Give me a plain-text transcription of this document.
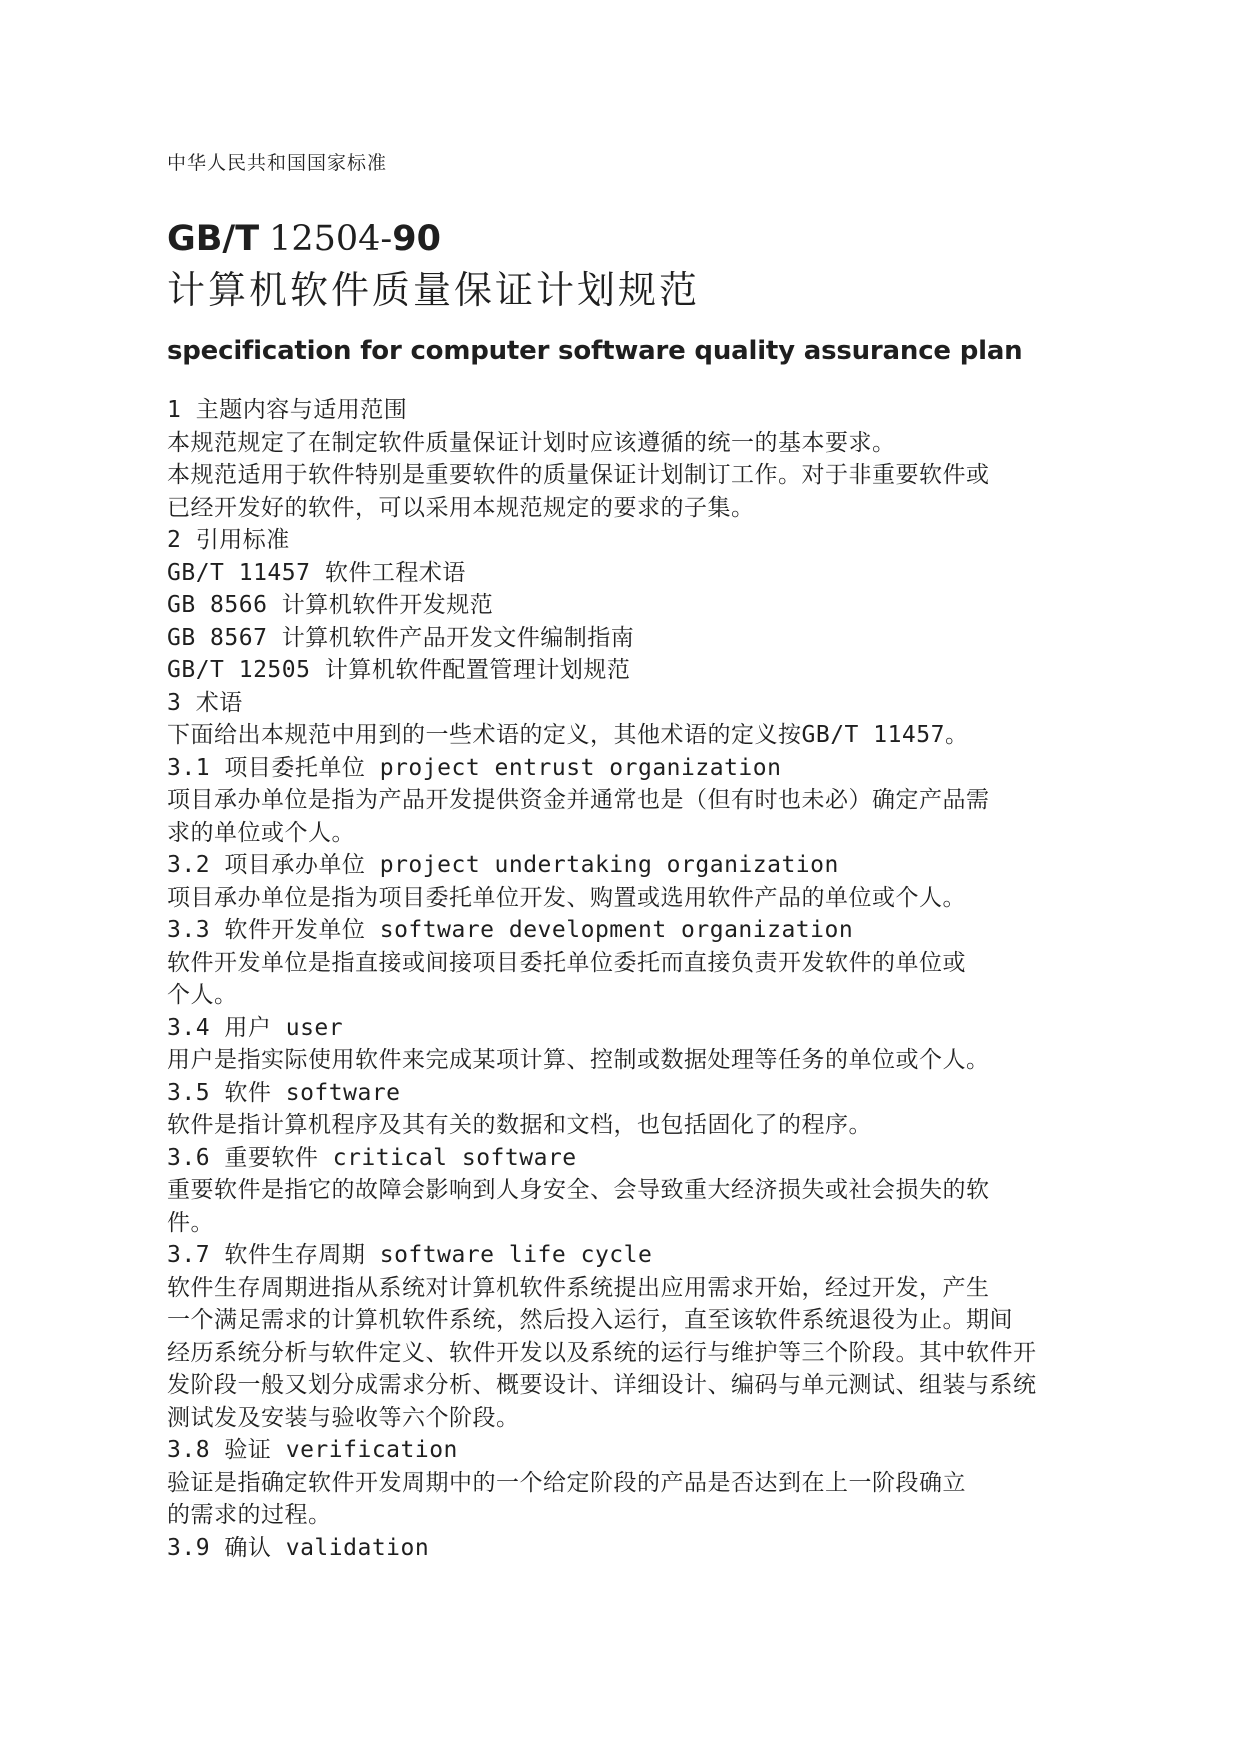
中华人民共和国国家标准
GB/T 12504-90
计算机软件质量保证计划规范
specification for computer software quality assurance plan
1 主题内容与适用范围
本规范规定了在制定软件质量保证计划时应该遵循的统一的基本要求。
本规范适用于软件特别是重要软件的质量保证计划制订工作。对于非重要软件或
已经开发好的软件，可以采用本规范规定的要求的子集。
2 引用标准
GB/T 11457 软件工程术语
GB 8566 计算机软件开发规范
GB 8567 计算机软件产品开发文件编制指南
GB/T 12505 计算机软件配置管理计划规范
3 术语
下面给出本规范中用到的一些术语的定义，其他术语的定义按GB/T 11457。
3.1 项目委托单位 project entrust organization
项目承办单位是指为产品开发提供资金并通常也是（但有时也未必）确定产品需
求的单位或个人。
3.2 项目承办单位 project undertaking organization
项目承办单位是指为项目委托单位开发、购置或选用软件产品的单位或个人。
3.3 软件开发单位 software development organization
软件开发单位是指直接或间接项目委托单位委托而直接负责开发软件的单位或
个人。
3.4 用户 user
用户是指实际使用软件来完成某项计算、控制或数据处理等任务的单位或个人。
3.5 软件 software
软件是指计算机程序及其有关的数据和文档，也包括固化了的程序。
3.6 重要软件 critical software
重要软件是指它的故障会影响到人身安全、会导致重大经济损失或社会损失的软
件。
3.7 软件生存周期 software life cycle
软件生存周期进指从系统对计算机软件系统提出应用需求开始，经过开发，产生
一个满足需求的计算机软件系统，然后投入运行，直至该软件系统退役为止。期间
经历系统分析与软件定义、软件开发以及系统的运行与维护等三个阶段。其中软件开
发阶段一般又划分成需求分析、概要设计、详细设计、编码与单元测试、组装与系统
测试发及安装与验收等六个阶段。
3.8 验证 verification
验证是指确定软件开发周期中的一个给定阶段的产品是否达到在上一阶段确立
的需求的过程。
3.9 确认 validation
